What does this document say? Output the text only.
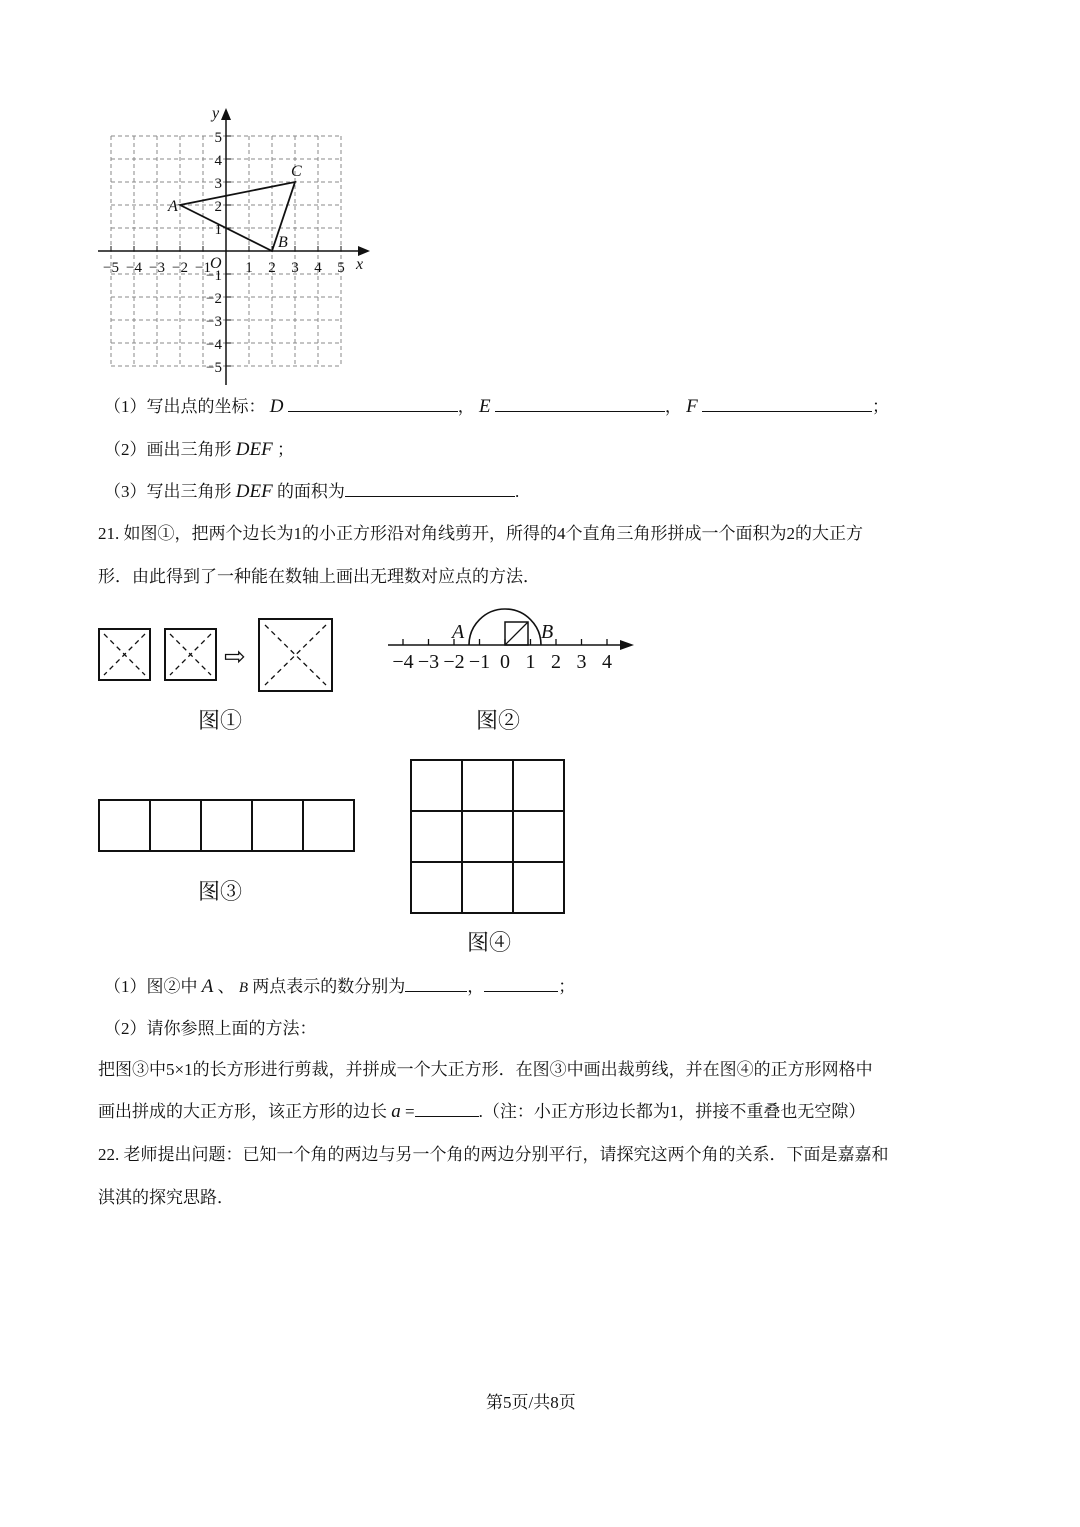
−5 −4 −3 −2 −1 1 2 3 4 5
5
4
3
2
1
−1
−2
−3
−4
−5
x
y
O
A
B
C
（1）写出点的坐标： D	， E	， F	；
（2）画出三角形 DEF ；
（3）写出三角形 DEF 的面积为	.
21. 如图①，把两个边长为1的小正方形沿对角线剪开，所得的4个直角三角形拼成一个面积为2的大正方
形．由此得到了一种能在数轴上画出无理数对应点的方法．
⇨
图①
A	B
−4 −3 −2 −1 0 1 2 3 4
图②
图③
图④
（1）图②中 A 、 B 两点表示的数分别为	，	；
（2）请你参照上面的方法：
把图③中5×1的长方形进行剪裁，并拼成一个大正方形．在图③中画出裁剪线，并在图④的正方形网格中
画出拼成的大正方形，该正方形的边长 a =	.（注：小正方形边长都为1，拼接不重叠也无空隙）
22. 老师提出问题：已知一个角的两边与另一个角的两边分别平行，请探究这两个角的关系．下面是嘉嘉和
淇淇的探究思路．
第5页/共8页
